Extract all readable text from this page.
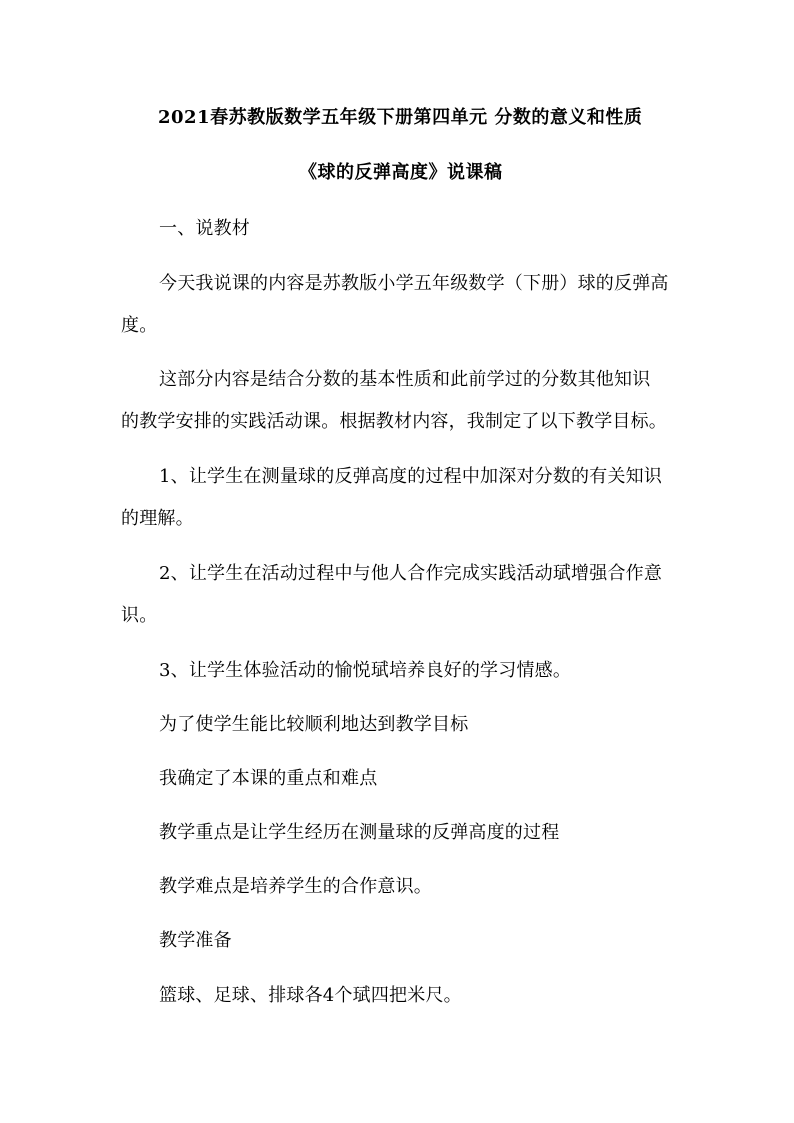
2021春苏教版数学五年级下册第四单元 分数的意义和性质
《球的反弹高度》说课稿
一、说教材
今天我说课的内容是苏教版小学五年级数学（下册）球的反弹高
度。
这部分内容是结合分数的基本性质和此前学过的分数其他知识
的教学安排的实践活动课。根据教材内容，我制定了以下教学目标。
1、让学生在测量球的反弹高度的过程中加深对分数的有关知识
的理解。
2、让学生在活动过程中与他人合作完成实践活动珷增强合作意
识。
3、让学生体验活动的愉悦珷培养良好的学习情感。
为了使学生能比较顺利地达到教学目标
我确定了本课的重点和难点
教学重点是让学生经历在测量球的反弹高度的过程
教学难点是培养学生的合作意识。
教学准备
篮球、足球、排球各4个珷四把米尺。
